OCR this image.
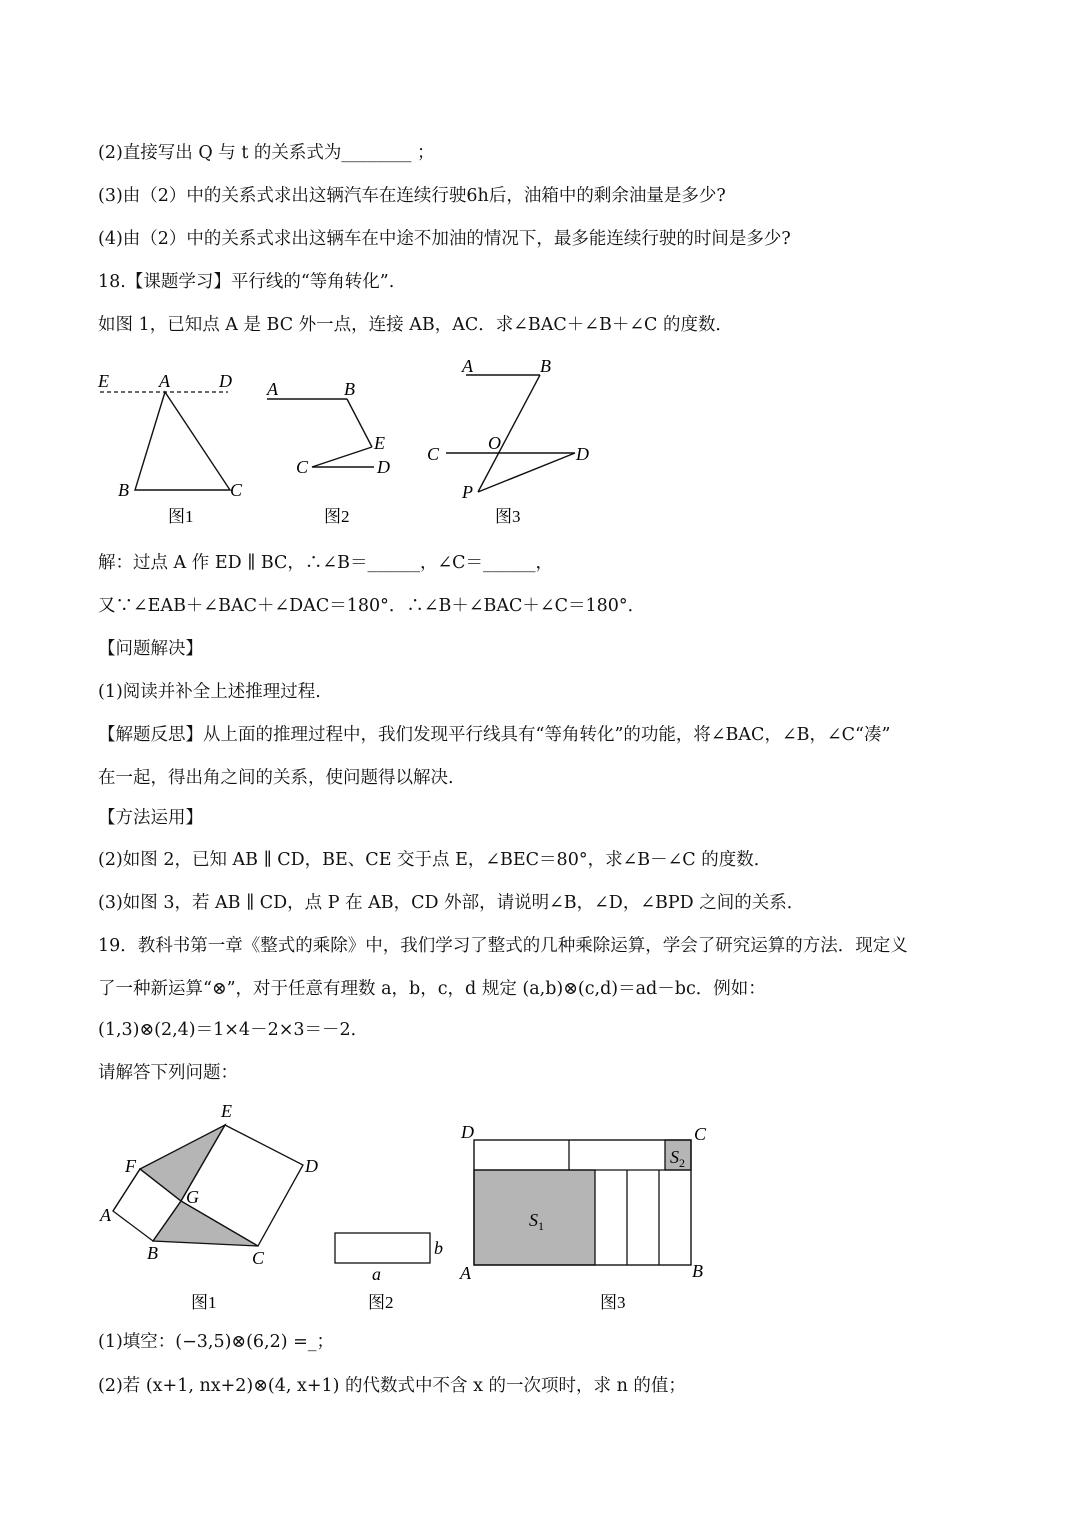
(2)直接写出 Q 与 t 的关系式为________ ；
(3)由（2）中的关系式求出这辆汽车在连续行驶6h后，油箱中的剩余油量是多少?
(4)由（2）中的关系式求出这辆车在中途不加油的情况下，最多能连续行驶的时间是多少?
18.【课题学习】平行线的“等角转化”.
如图 1，已知点 A 是 BC 外一点，连接 AB，AC．求∠BAC＋∠B＋∠C 的度数．
E	A	D
B	C
图1
A	B
E
C	D
图2
A	B
C
O
D
P
图3
解：过点 A 作 ED ∥ BC，∴∠B＝______，∠C＝______，
又∵∠EAB＋∠BAC＋∠DAC＝180°．∴∠B＋∠BAC＋∠C＝180°．
【问题解决】
(1)阅读并补全上述推理过程.
【解题反思】从上面的推理过程中，我们发现平行线具有“等角转化”的功能，将∠BAC，∠B，∠C“凑”
在一起，得出角之间的关系，使问题得以解决.
【方法运用】
(2)如图 2，已知 AB ∥ CD，BE、CE 交于点 E，∠BEC＝80°，求∠B－∠C 的度数．
(3)如图 3，若 AB ∥ CD，点 P 在 AB，CD 外部，请说明∠B，∠D，∠BPD 之间的关系．
19．教科书第一章《整式的乘除》中，我们学习了整式的几种乘除运算，学会了研究运算的方法．现定义
了一种新运算“⊗”，对于任意有理数 a，b，c，d 规定 (a,b)⊗(c,d)＝ad－bc．例如：
(1,3)⊗(2,4)＝1×4－2×3＝－2．
请解答下列问题：
E
F	D
G
A
B	C
图1
b
a
图2
D	C
A	B
$S_1$
$S_2$
图3
(1)填空：(−3,5)⊗(6,2) =_；
(2)若 (x+1, nx+2)⊗(4, x+1) 的代数式中不含 x 的一次项时，求 n 的值；
